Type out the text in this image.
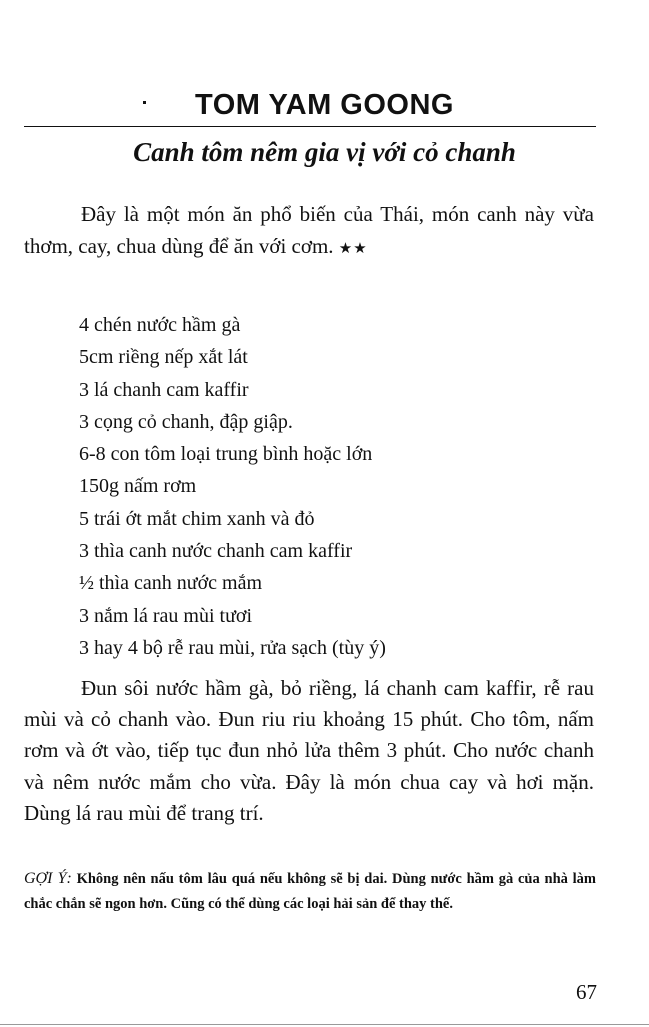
TOM YAM GOONG
Canh tôm nêm gia vị với cỏ chanh

Đây là một món ăn phổ biến của Thái, món canh này vừa thơm, cay, chua dùng để ăn với cơm. ★★

4 chén nước hầm gà
5cm riềng nếp xắt lát
3 lá chanh cam kaffir
3 cọng cỏ chanh, đập giập.
6-8 con tôm loại trung bình hoặc lớn
150g nấm rơm
5 trái ớt mắt chim xanh và đỏ
3 thìa canh nước chanh cam kaffir
½ thìa canh nước mắm
3 nắm lá rau mùi tươi
3 hay 4 bộ rễ rau mùi, rửa sạch (tùy ý)

Đun sôi nước hầm gà, bỏ riềng, lá chanh cam kaffir, rễ rau mùi và cỏ chanh vào. Đun riu riu khoảng 15 phút. Cho tôm, nấm rơm và ớt vào, tiếp tục đun nhỏ lửa thêm 3 phút. Cho nước chanh và nêm nước mắm cho vừa. Đây là món chua cay và hơi mặn. Dùng lá rau mùi để trang trí.

GỢI Ý: Không nên nấu tôm lâu quá nếu không sẽ bị dai. Dùng nước hầm gà của nhà làm chắc chắn sẽ ngon hơn. Cũng có thể dùng các loại hải sản để thay thế.

67
